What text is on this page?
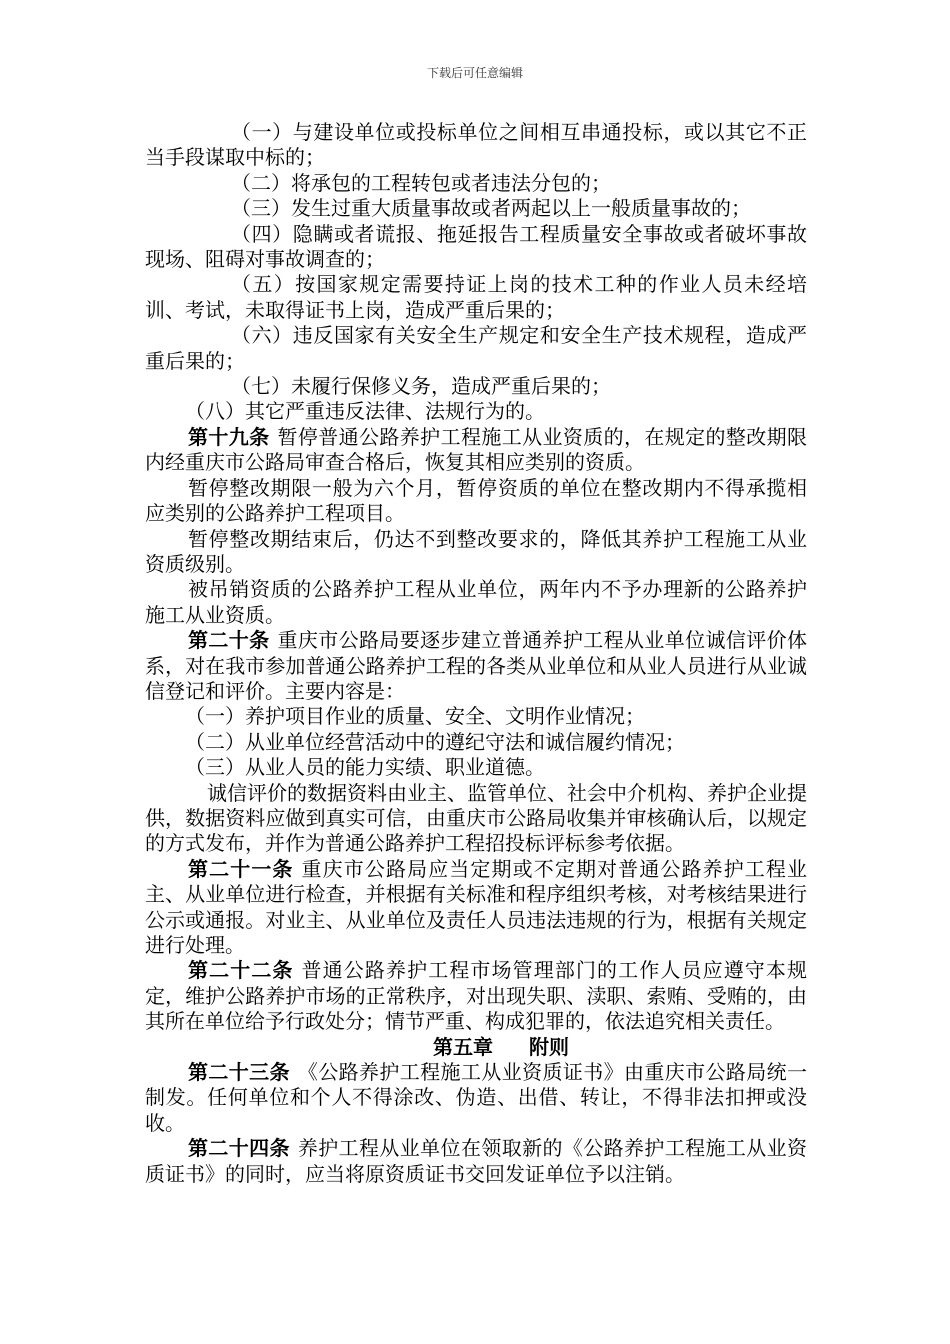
下载后可任意编辑

（一）与建设单位或投标单位之间相互串通投标，或以其它不正当手段谋取中标的；

（二）将承包的工程转包或者违法分包的；

（三）发生过重大质量事故或者两起以上一般质量事故的；

（四）隐瞒或者谎报、拖延报告工程质量安全事故或者破坏事故现场、阻碍对事故调查的；

（五）按国家规定需要持证上岗的技术工种的作业人员未经培训、考试，未取得证书上岗，造成严重后果的；

（六）违反国家有关安全生产规定和安全生产技术规程，造成严重后果的；

（七）未履行保修义务，造成严重后果的；

（八）其它严重违反法律、法规行为的。

第十九条 暂停普通公路养护工程施工从业资质的，在规定的整改期限内经重庆市公路局审查合格后，恢复其相应类别的资质。

暂停整改期限一般为六个月，暂停资质的单位在整改期内不得承揽相应类别的公路养护工程项目。

暂停整改期结束后，仍达不到整改要求的，降低其养护工程施工从业资质级别。

被吊销资质的公路养护工程从业单位，两年内不予办理新的公路养护施工从业资质。

第二十条 重庆市公路局要逐步建立普通养护工程从业单位诚信评价体系，对在我市参加普通公路养护工程的各类从业单位和从业人员进行从业诚信登记和评价。主要内容是：

（一）养护项目作业的质量、安全、文明作业情况；

（二）从业单位经营活动中的遵纪守法和诚信履约情况；

（三）从业人员的能力实绩、职业道德。

诚信评价的数据资料由业主、监管单位、社会中介机构、养护企业提供，数据资料应做到真实可信，由重庆市公路局收集并审核确认后，以规定的方式发布，并作为普通公路养护工程招投标评标参考依据。

第二十一条 重庆市公路局应当定期或不定期对普通公路养护工程业主、从业单位进行检查，并根据有关标准和程序组织考核，对考核结果进行公示或通报。对业主、从业单位及责任人员违法违规的行为，根据有关规定进行处理。

第二十二条 普通公路养护工程市场管理部门的工作人员应遵守本规定，维护公路养护市场的正常秩序，对出现失职、渎职、索贿、受贿的，由其所在单位给予行政处分；情节严重、构成犯罪的，依法追究相关责任。

第五章 附则

第二十三条 《公路养护工程施工从业资质证书》由重庆市公路局统一制发。任何单位和个人不得涂改、伪造、出借、转让，不得非法扣押或没收。

第二十四条 养护工程从业单位在领取新的《公路养护工程施工从业资质证书》的同时，应当将原资质证书交回发证单位予以注销。
